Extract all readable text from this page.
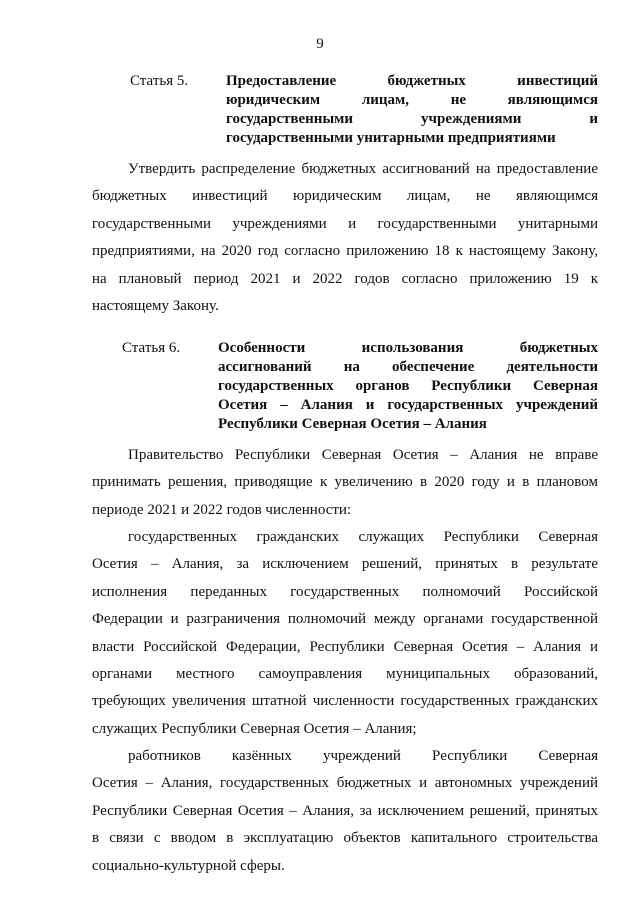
9
Статья 5.	Предоставление бюджетных инвестиций
юридическим лицам, не являющимся
государственными учреждениями и
государственными унитарными предприятиями
Утвердить распределение бюджетных ассигнований на предоставление
бюджетных инвестиций юридическим лицам, не являющимся
государственными учреждениями и государственными унитарными
предприятиями, на 2020 год согласно приложению 18 к настоящему Закону,
на плановый период 2021 и 2022 годов согласно приложению 19 к
настоящему Закону.
Статья 6.	Особенности использования бюджетных
ассигнований на обеспечение деятельности
государственных органов Республики Северная
Осетия – Алания и государственных учреждений
Республики Северная Осетия – Алания
Правительство Республики Северная Осетия – Алания не вправе
принимать решения, приводящие к увеличению в 2020 году и в плановом
периоде 2021 и 2022 годов численности:
государственных гражданских служащих Республики Северная
Осетия – Алания, за исключением решений, принятых в результате
исполнения переданных государственных полномочий Российской
Федерации и разграничения полномочий между органами государственной
власти Российской Федерации, Республики Северная Осетия – Алания и
органами местного самоуправления муниципальных образований,
требующих увеличения штатной численности государственных гражданских
служащих Республики Северная Осетия – Алания;
работников казённых учреждений Республики Северная
Осетия – Алания, государственных бюджетных и автономных учреждений
Республики Северная Осетия – Алания, за исключением решений, принятых
в связи с вводом в эксплуатацию объектов капитального строительства
социально-культурной сферы.
